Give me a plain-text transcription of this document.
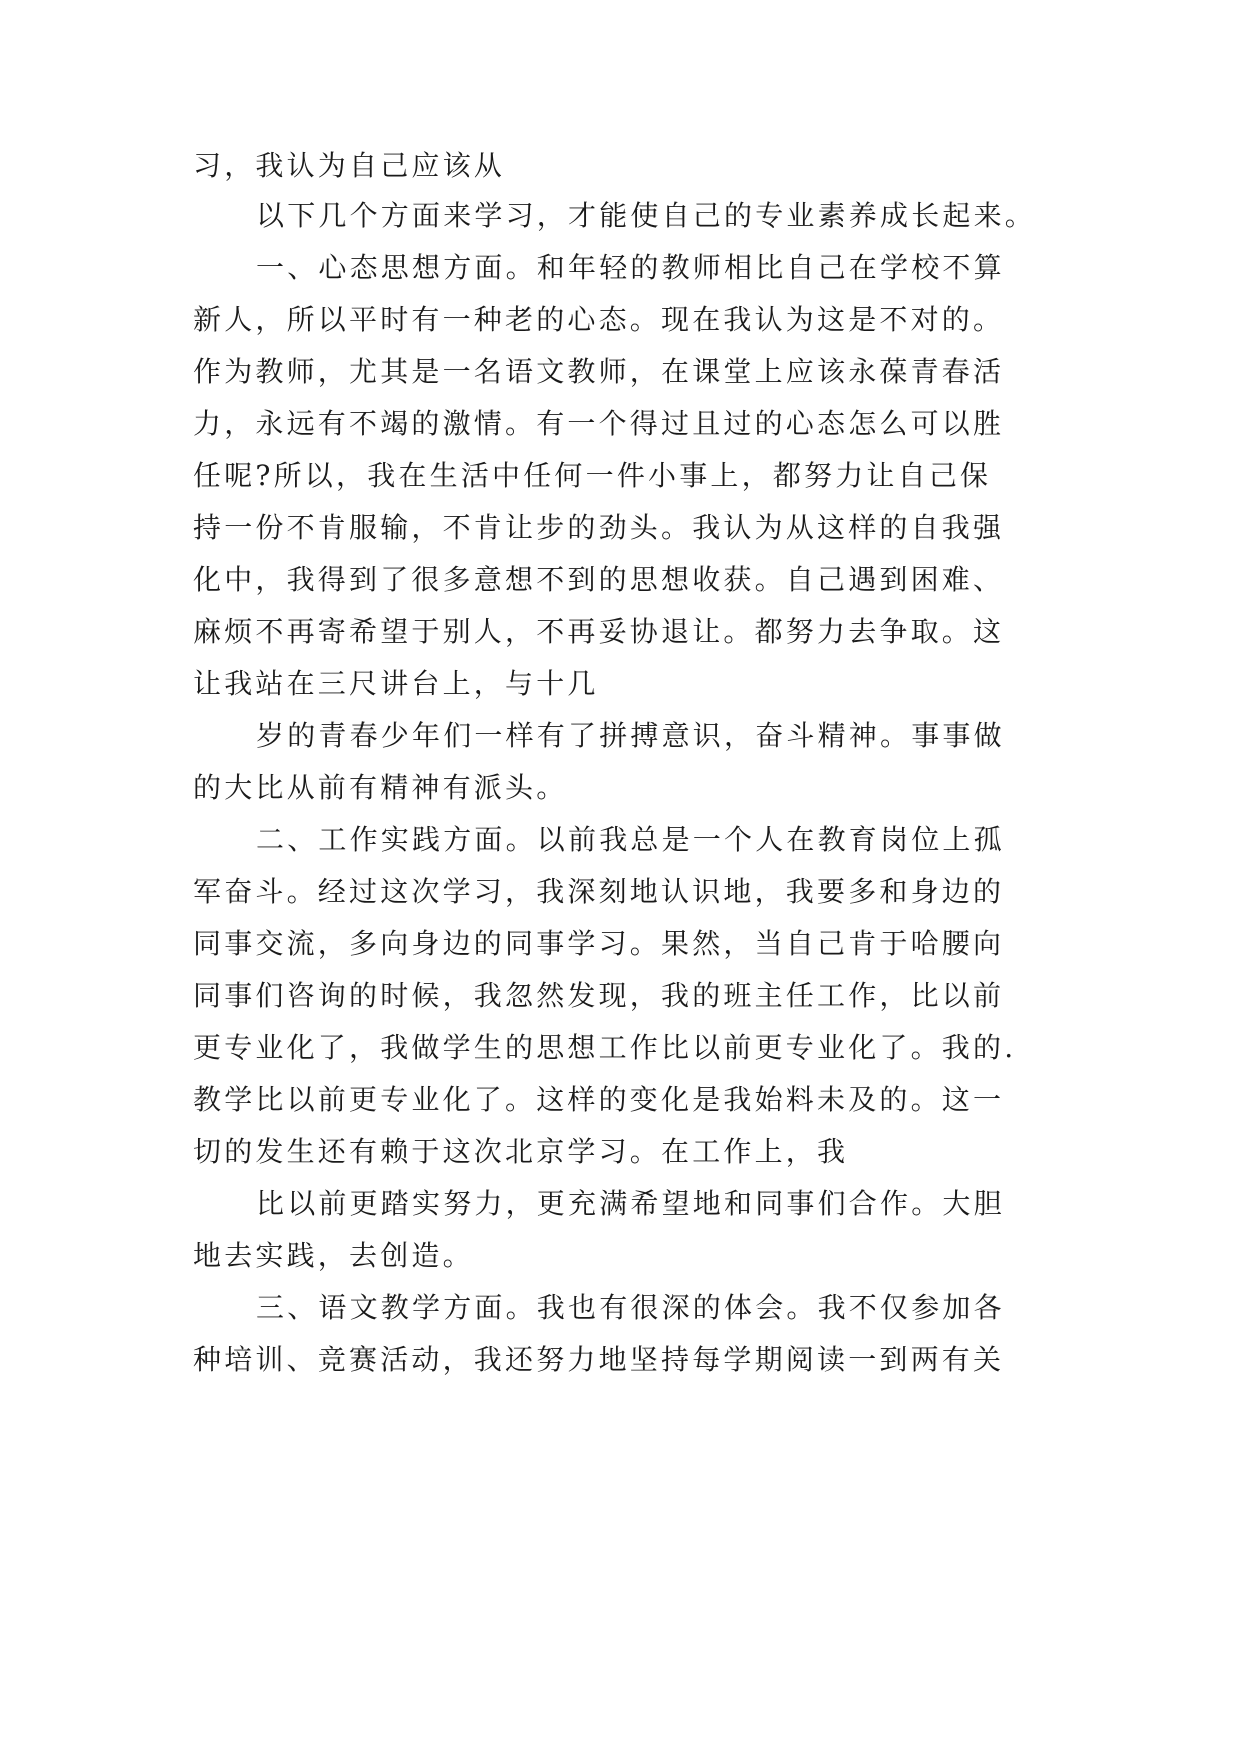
习，我认为自己应该从
以下几个方面来学习，才能使自己的专业素养成长起来。
一、心态思想方面。和年轻的教师相比自己在学校不算
新人，所以平时有一种老的心态。现在我认为这是不对的。
作为教师，尤其是一名语文教师，在课堂上应该永葆青春活
力，永远有不竭的激情。有一个得过且过的心态怎么可以胜
任呢?所以，我在生活中任何一件小事上，都努力让自己保
持一份不肯服输，不肯让步的劲头。我认为从这样的自我强
化中，我得到了很多意想不到的思想收获。自己遇到困难、
麻烦不再寄希望于别人，不再妥协退让。都努力去争取。这
让我站在三尺讲台上，与十几
岁的青春少年们一样有了拼搏意识，奋斗精神。事事做
的大比从前有精神有派头。
二、工作实践方面。以前我总是一个人在教育岗位上孤
军奋斗。经过这次学习，我深刻地认识地，我要多和身边的
同事交流，多向身边的同事学习。果然，当自己肯于哈腰向
同事们咨询的时候，我忽然发现，我的班主任工作，比以前
更专业化了，我做学生的思想工作比以前更专业化了。我的.
教学比以前更专业化了。这样的变化是我始料未及的。这一
切的发生还有赖于这次北京学习。在工作上，我
比以前更踏实努力，更充满希望地和同事们合作。大胆
地去实践，去创造。
三、语文教学方面。我也有很深的体会。我不仅参加各
种培训、竞赛活动，我还努力地坚持每学期阅读一到两有关
